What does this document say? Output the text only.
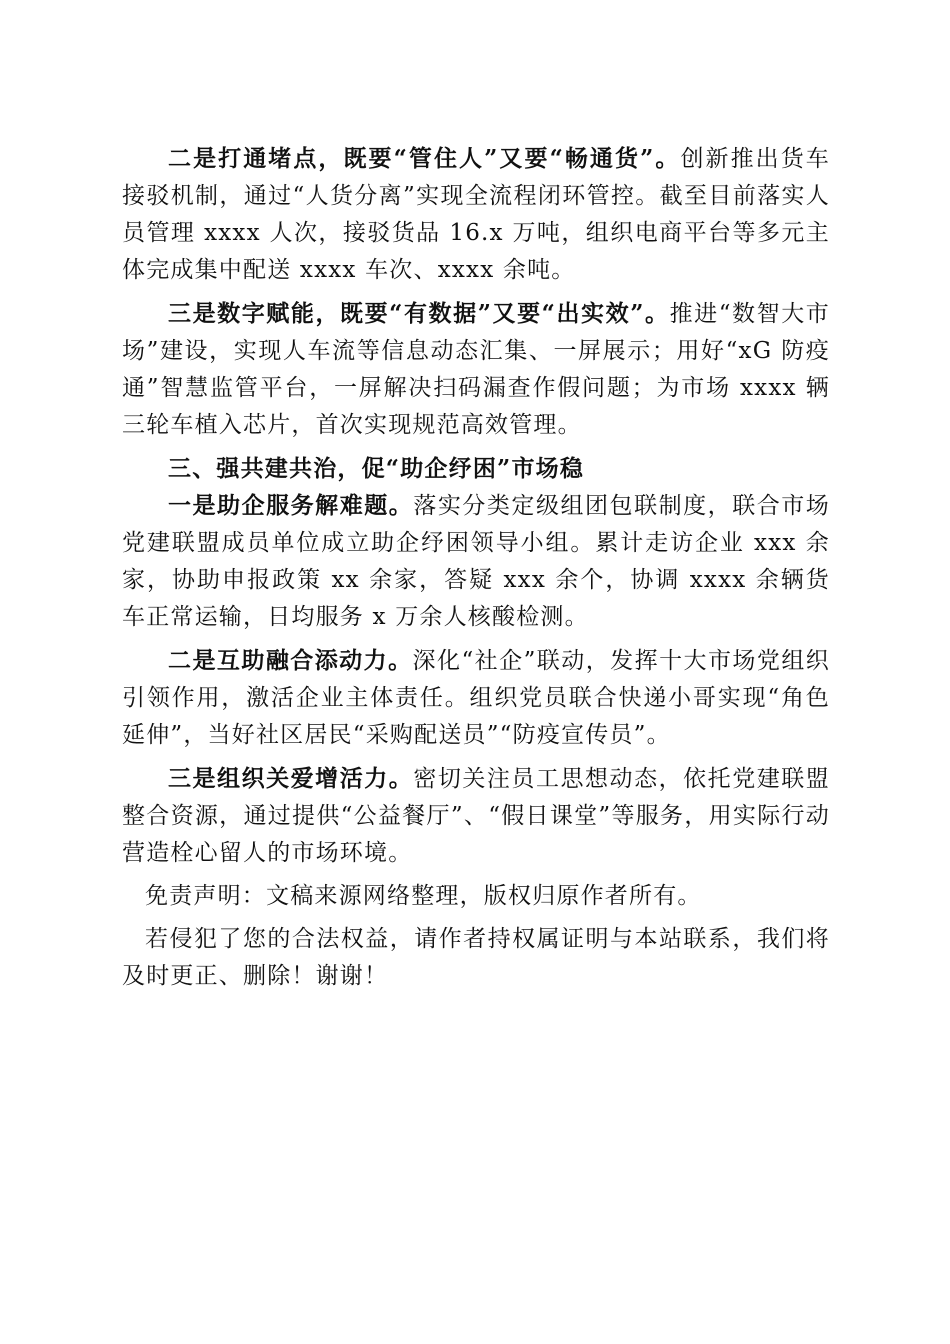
二是打通堵点，既要“管住人”又要“畅通货”。创新推出货车接驳机制，通过“人货分离”实现全流程闭环管控。截至目前落实人员管理 xxxx 人次，接驳货品 16.x 万吨，组织电商平台等多元主体完成集中配送 xxxx 车次、xxxx 余吨。

三是数字赋能，既要“有数据”又要“出实效”。推进“数智大市场”建设，实现人车流等信息动态汇集、一屏展示；用好“xG 防疫通”智慧监管平台，一屏解决扫码漏查作假问题；为市场 xxxx 辆三轮车植入芯片，首次实现规范高效管理。

三、强共建共治，促“助企纾困”市场稳

一是助企服务解难题。落实分类定级组团包联制度，联合市场党建联盟成员单位成立助企纾困领导小组。累计走访企业 xxx 余家，协助申报政策 xx 余家，答疑 xxx 余个，协调 xxxx 余辆货车正常运输，日均服务 x 万余人核酸检测。

二是互助融合添动力。深化“社企”联动，发挥十大市场党组织引领作用，激活企业主体责任。组织党员联合快递小哥实现“角色延伸”，当好社区居民“采购配送员”“防疫宣传员”。

三是组织关爱增活力。密切关注员工思想动态，依托党建联盟整合资源，通过提供“公益餐厅”、“假日课堂”等服务，用实际行动营造栓心留人的市场环境。

免责声明：文稿来源网络整理，版权归原作者所有。

若侵犯了您的合法权益，请作者持权属证明与本站联系，我们将及时更正、删除！谢谢！
